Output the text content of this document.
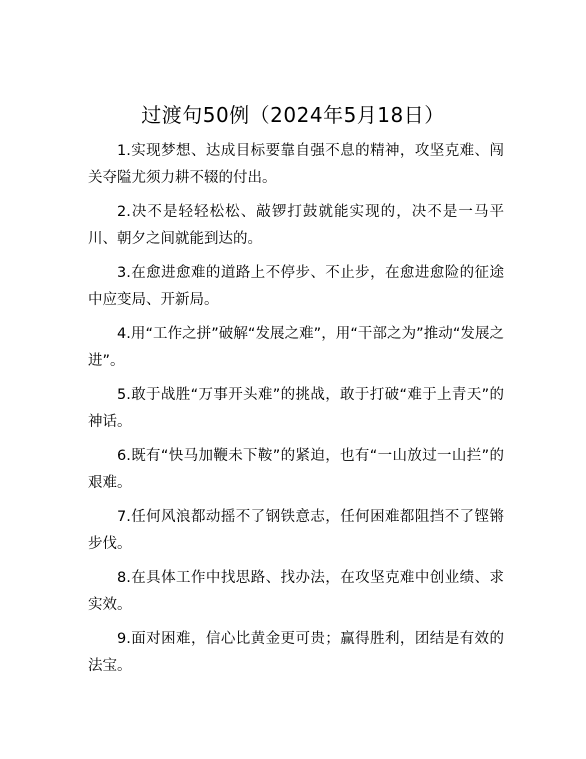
过渡句50例（2024年5月18日）

1.实现梦想、达成目标要靠自强不息的精神，攻坚克难、闯关夺隘尤须力耕不辍的付出。

2.决不是轻轻松松、敲锣打鼓就能实现的，决不是一马平川、朝夕之间就能到达的。

3.在愈进愈难的道路上不停步、不止步，在愈进愈险的征途中应变局、开新局。

4.用“工作之拼”破解“发展之难”，用“干部之为”推动“发展之进”。

5.敢于战胜“万事开头难”的挑战，敢于打破“难于上青天”的神话。

6.既有“快马加鞭未下鞍”的紧迫，也有“一山放过一山拦”的艰难。

7.任何风浪都动摇不了钢铁意志，任何困难都阻挡不了铿锵步伐。

8.在具体工作中找思路、找办法，在攻坚克难中创业绩、求实效。

9.面对困难，信心比黄金更可贵；赢得胜利，团结是有效的法宝。
